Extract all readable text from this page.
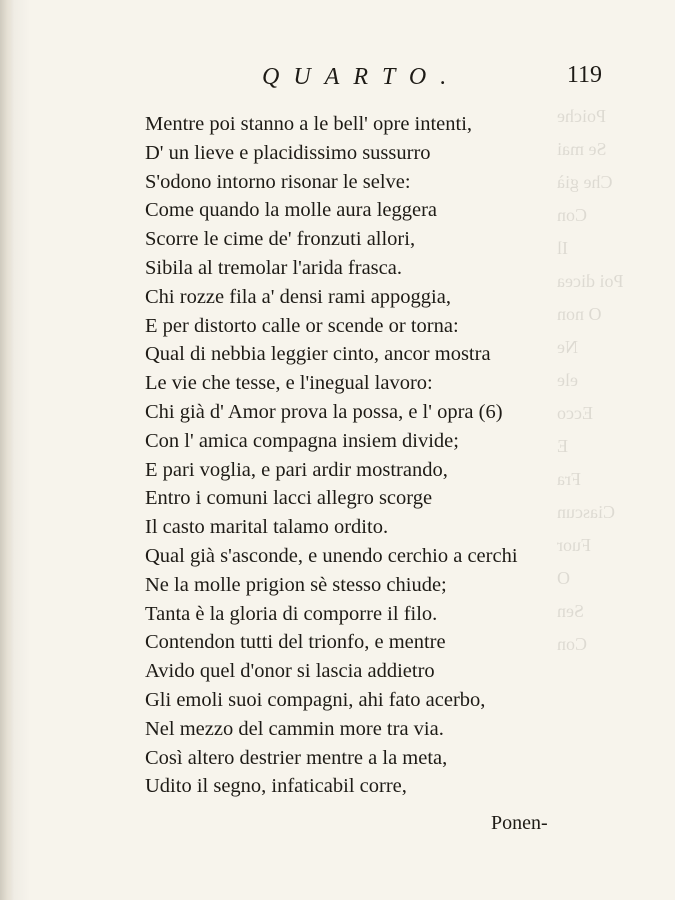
Poiche
Se mai
Che già
Con
Il
Poi dicea
O non
Ne
ele
Ecco
E
Fra
Ciascun
Fuor
O
Sen
Con
QUARTO.	119
Mentre poi stanno a le bell' opre intenti,
D' un lieve e placidissimo sussurro
S'odono intorno risonar le selve:
Come quando la molle aura leggera
Scorre le cime de' fronzuti allori,
Sibila al tremolar l'arida frasca.
Chi rozze fila a' densi rami appoggia,
E per distorto calle or scende or torna:
Qual di nebbia leggier cinto, ancor mostra
Le vie che tesse, e l'inegual lavoro:
Chi già d' Amor prova la possa, e l' opra (6)
Con l' amica compagna insiem divide;
E pari voglia, e pari ardir mostrando,
Entro i comuni lacci allegro scorge
Il casto marital talamo ordito.
Qual già s'asconde, e unendo cerchio a cerchi
Ne la molle prigion sè stesso chiude;
Tanta è la gloria di comporre il filo.
Contendon tutti del trionfo, e mentre
Avido quel d'onor si lascia addietro
Gli emoli suoi compagni, ahi fato acerbo,
Nel mezzo del cammin more tra via.
Così altero destrier mentre a la meta,
Udito il segno, infaticabil corre,
Ponen-
